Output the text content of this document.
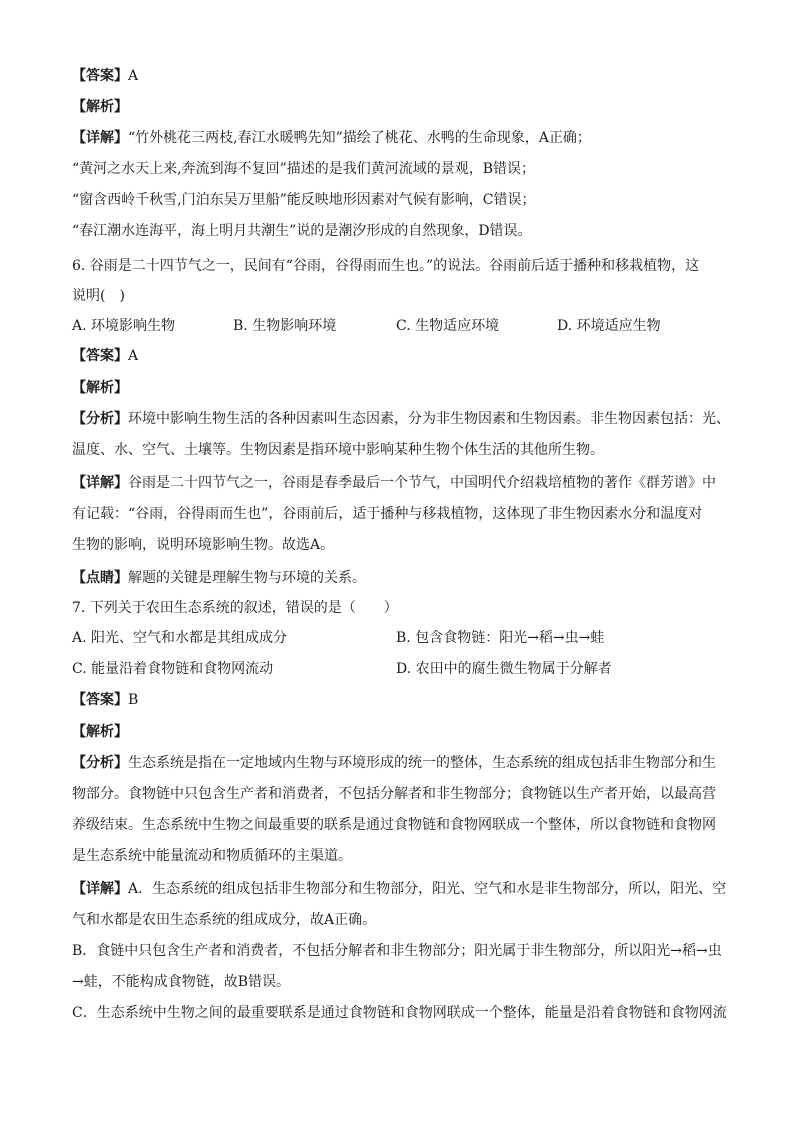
【答案】A
【解析】
【详解】“竹外桃花三两枝,春江水暖鸭先知”描绘了桃花、水鸭的生命现象，A正确；
“黄河之水天上来,奔流到海不复回”描述的是我们黄河流域的景观，B错误；
“窗含西岭千秋雪,门泊东吴万里船”能反映地形因素对气候有影响，C错误；
“春江潮水连海平，海上明月共潮生”说的是潮汐形成的自然现象，D错误。
6. 谷雨是二十四节气之一，民间有“谷雨，谷得雨而生也。”的说法。谷雨前后适于播种和移栽植物，这
说明(　)
A. 环境影响生物	B. 生物影响环境	C. 生物适应环境	D. 环境适应生物
【答案】A
【解析】
【分析】环境中影响生物生活的各种因素叫生态因素，分为非生物因素和生物因素。非生物因素包括：光、
温度、水、空气、土壤等。生物因素是指环境中影响某种生物个体生活的其他所生物。
【详解】谷雨是二十四节气之一，谷雨是春季最后一个节气，中国明代介绍栽培植物的著作《群芳谱》中
有记载：“谷雨，谷得雨而生也”，谷雨前后，适于播种与移栽植物，这体现了非生物因素水分和温度对
生物的影响，说明环境影响生物。故选A。
【点睛】解题的关键是理解生物与环境的关系。
7. 下列关于农田生态系统的叙述，错误的是（　　）
A. 阳光、空气和水都是其组成成分	B. 包含食物链：阳光→稻→虫→蛙
C. 能量沿着食物链和食物网流动	D. 农田中的腐生微生物属于分解者
【答案】B
【解析】
【分析】生态系统是指在一定地域内生物与环境形成的统一的整体，生态系统的组成包括非生物部分和生
物部分。食物链中只包含生产者和消费者，不包括分解者和非生物部分；食物链以生产者开始，以最高营
养级结束。生态系统中生物之间最重要的联系是通过食物链和食物网联成一个整体，所以食物链和食物网
是生态系统中能量流动和物质循环的主渠道。
【详解】A．生态系统的组成包括非生物部分和生物部分，阳光、空气和水是非生物部分，所以，阳光、空
气和水都是农田生态系统的组成成分，故A正确。
B．食链中只包含生产者和消费者，不包括分解者和非生物部分；阳光属于非生物部分，所以阳光→稻→虫
→蛙，不能构成食物链，故B错误。
C．生态系统中生物之间的最重要联系是通过食物链和食物网联成一个整体，能量是沿着食物链和食物网流
